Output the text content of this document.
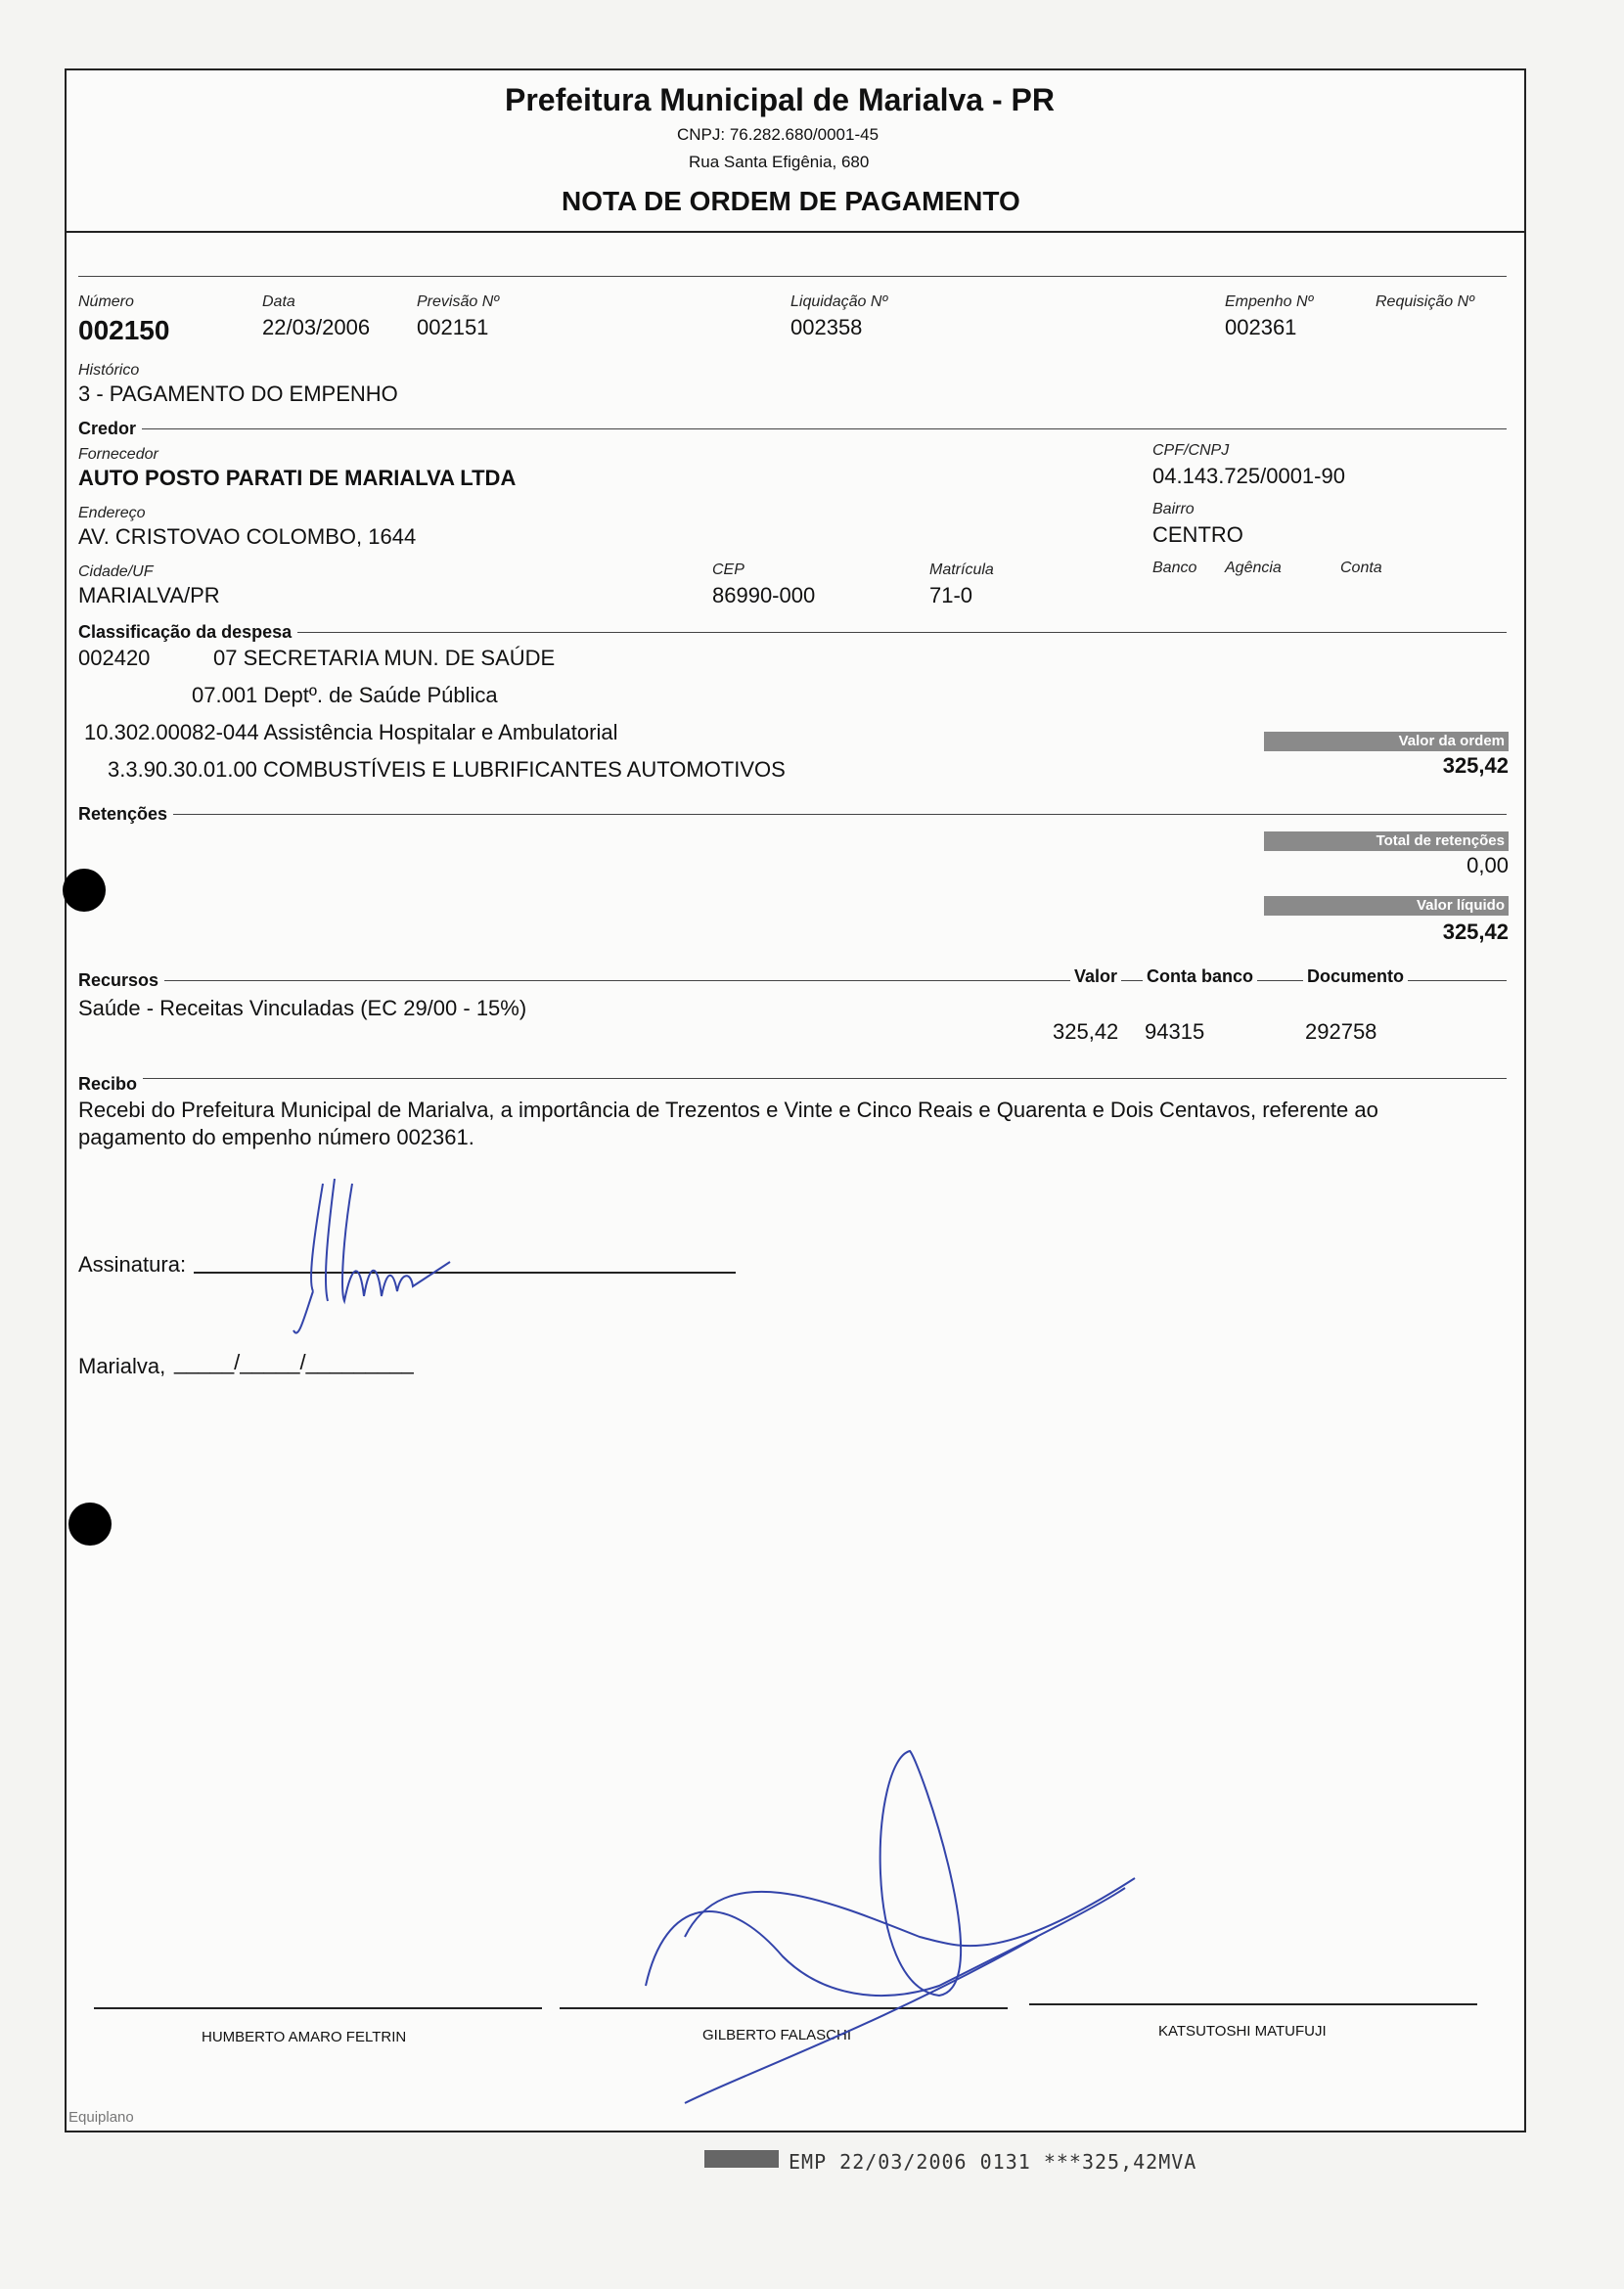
Prefeitura Municipal de Marialva - PR
CNPJ: 76.282.680/0001-45
Rua Santa Efigênia, 680
NOTA DE ORDEM DE PAGAMENTO
Número
002150
Data
22/03/2006
Previsão Nº
002151
Liquidação Nº
002358
Empenho Nº
002361
Requisição Nº
Histórico
3 - PAGAMENTO DO EMPENHO
Credor
Fornecedor
AUTO POSTO PARATI DE MARIALVA LTDA
CPF/CNPJ
04.143.725/0001-90
Endereço
AV. CRISTOVAO COLOMBO, 1644
Bairro
CENTRO
Cidade/UF
MARIALVA/PR
CEP
86990-000
Matrícula
71-0
Banco Agência	Conta
Classificação da despesa
002420	07 SECRETARIA MUN. DE SAÚDE
07.001 Deptº. de Saúde Pública
10.302.00082-044 Assistência Hospitalar e Ambulatorial
3.3.90.30.01.00 COMBUSTÍVEIS E LUBRIFICANTES AUTOMOTIVOS
Valor da ordem
325,42
Retenções
Total de retenções
0,00
Valor líquido
325,42
Recursos	Valor Conta banco	Documento
Saúde - Receitas Vinculadas (EC 29/00 - 15%)
325,42 94315	292758
Recibo
Recebi do Prefeitura Municipal de Marialva, a importância de Trezentos e Vinte e Cinco Reais e Quarenta e Dois Centavos, referente ao
pagamento do empenho número 002361.
Assinatura:
Marialva, _____/_____/_________
HUMBERTO AMARO FELTRIN	GILBERTO FALASCHI	KATSUTOSHI MATUFUJI
Equiplano
EMP 22/03/2006 0131 ***325,42MVA
